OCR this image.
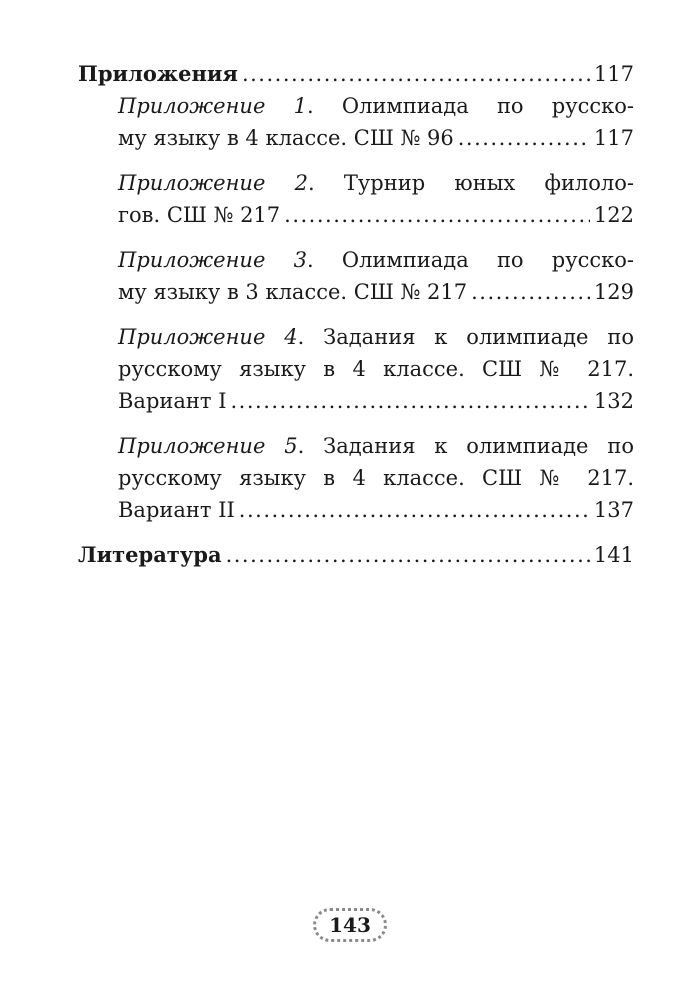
Приложения .....	117
Приложение 1. Олимпиада по русско-
му языку в 4 классе. СШ № 96 .....	117
Приложение 2. Турнир юных филоло-
гов. СШ № 217 .....	122
Приложение 3. Олимпиада по русско-
му языку в 3 классе. СШ № 217 .....	129
Приложение 4. Задания к олимпиаде по
русскому языку в 4 классе. СШ № 217.
Вариант I .....	132
Приложение 5. Задания к олимпиаде по
русскому языку в 4 классе. СШ № 217.
Вариант II .....	137
Литература .....	141
143
